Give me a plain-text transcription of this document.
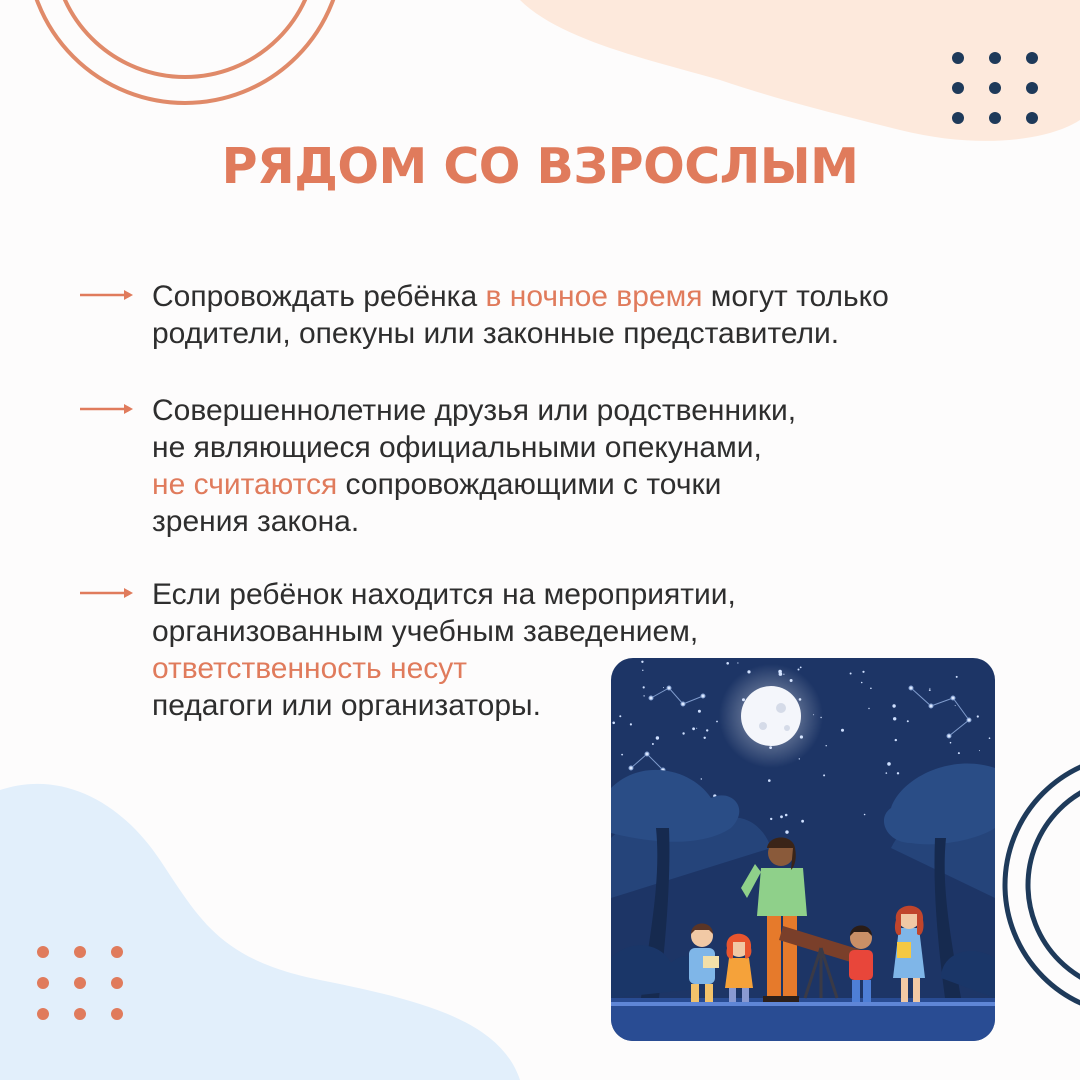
РЯДОМ СО ВЗРОСЛЫМ
Сопровождать ребёнка в ночное время могут только
родители, опекуны или законные представители.
Совершеннолетние друзья или родственники,
не являющиеся официальными опекунами,
не считаются сопровождающими с точки
зрения закона.
Если ребёнок находится на мероприятии,
организованным учебным заведением,
ответственность несут
педагоги или организаторы.
